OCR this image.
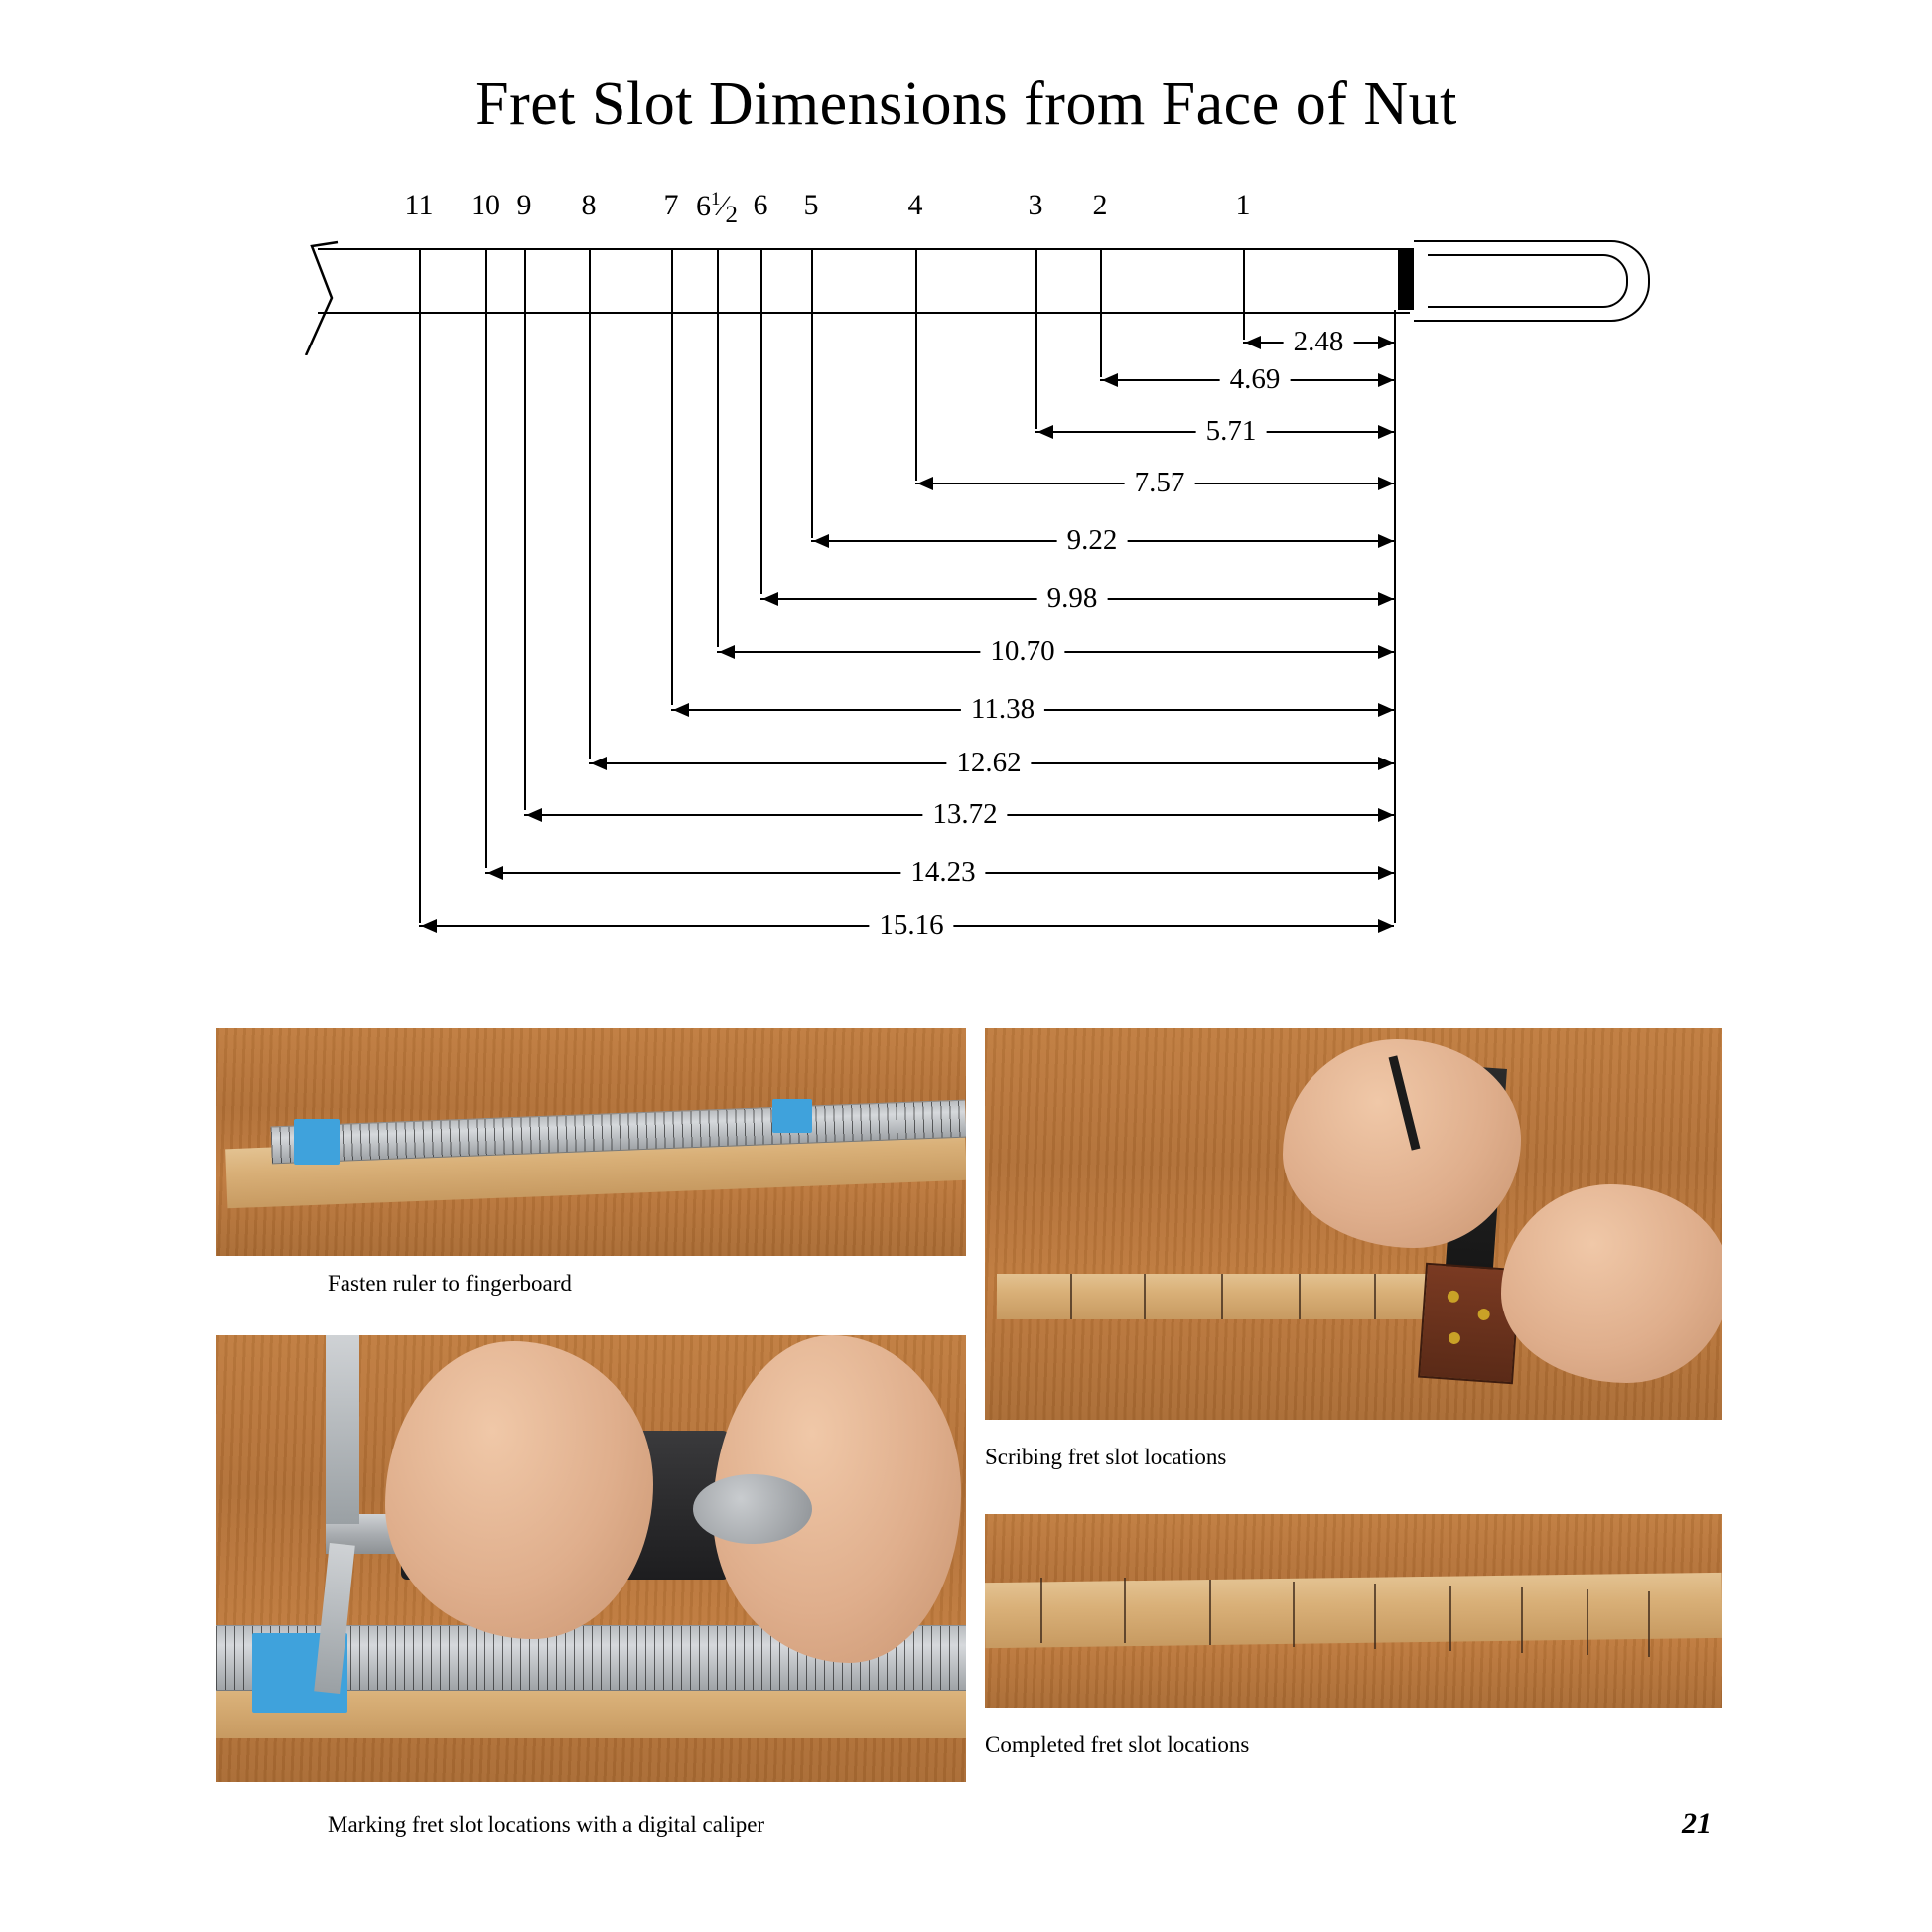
Fret Slot Dimensions from Face of Nut
11 10 9 8 7 $6^1⁄_2$ 6 5	4	3 2	1
2.48
4.69
5.71
7.57
9.22
9.98
10.70
11.38
12.62
13.72
14.23
15.16
Fasten ruler to fingerboard
Scribing fret slot locations
Marking fret slot locations with a digital caliper
Completed fret slot locations
21
